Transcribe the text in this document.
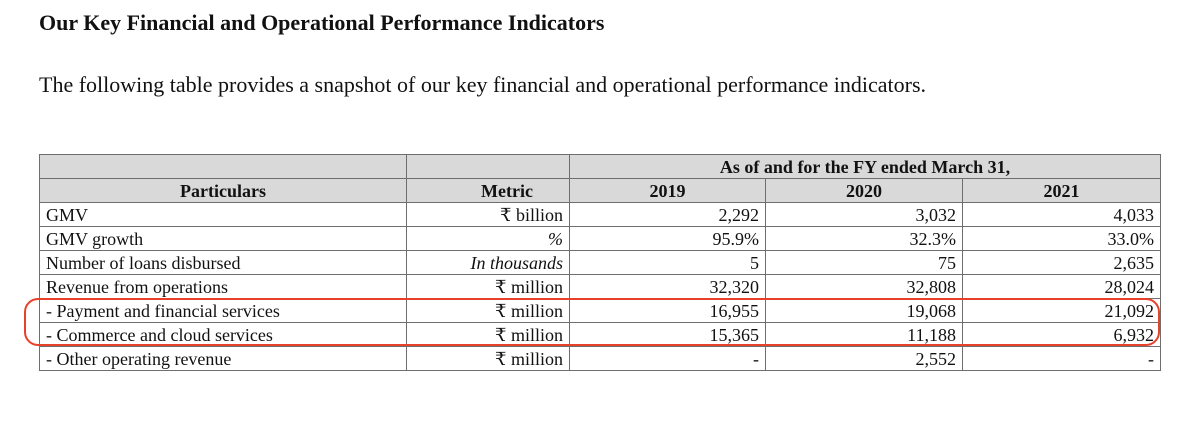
Our Key Financial and Operational Performance Indicators
The following table provides a snapshot of our key financial and operational performance indicators.
		As of and for the FY ended March 31,		
Particulars	Metric	2019	2020	2021
GMV	₹ billion	2,292	3,032	4,033
GMV growth	%	95.9%	32.3%	33.0%
Number of loans disbursed	In thousands	5	75	2,635
Revenue from operations	₹ million	32,320	32,808	28,024
- Payment and financial services	₹ million	16,955	19,068	21,092
- Commerce and cloud services	₹ million	15,365	11,188	6,932
- Other operating revenue	₹ million	-	2,552	-
